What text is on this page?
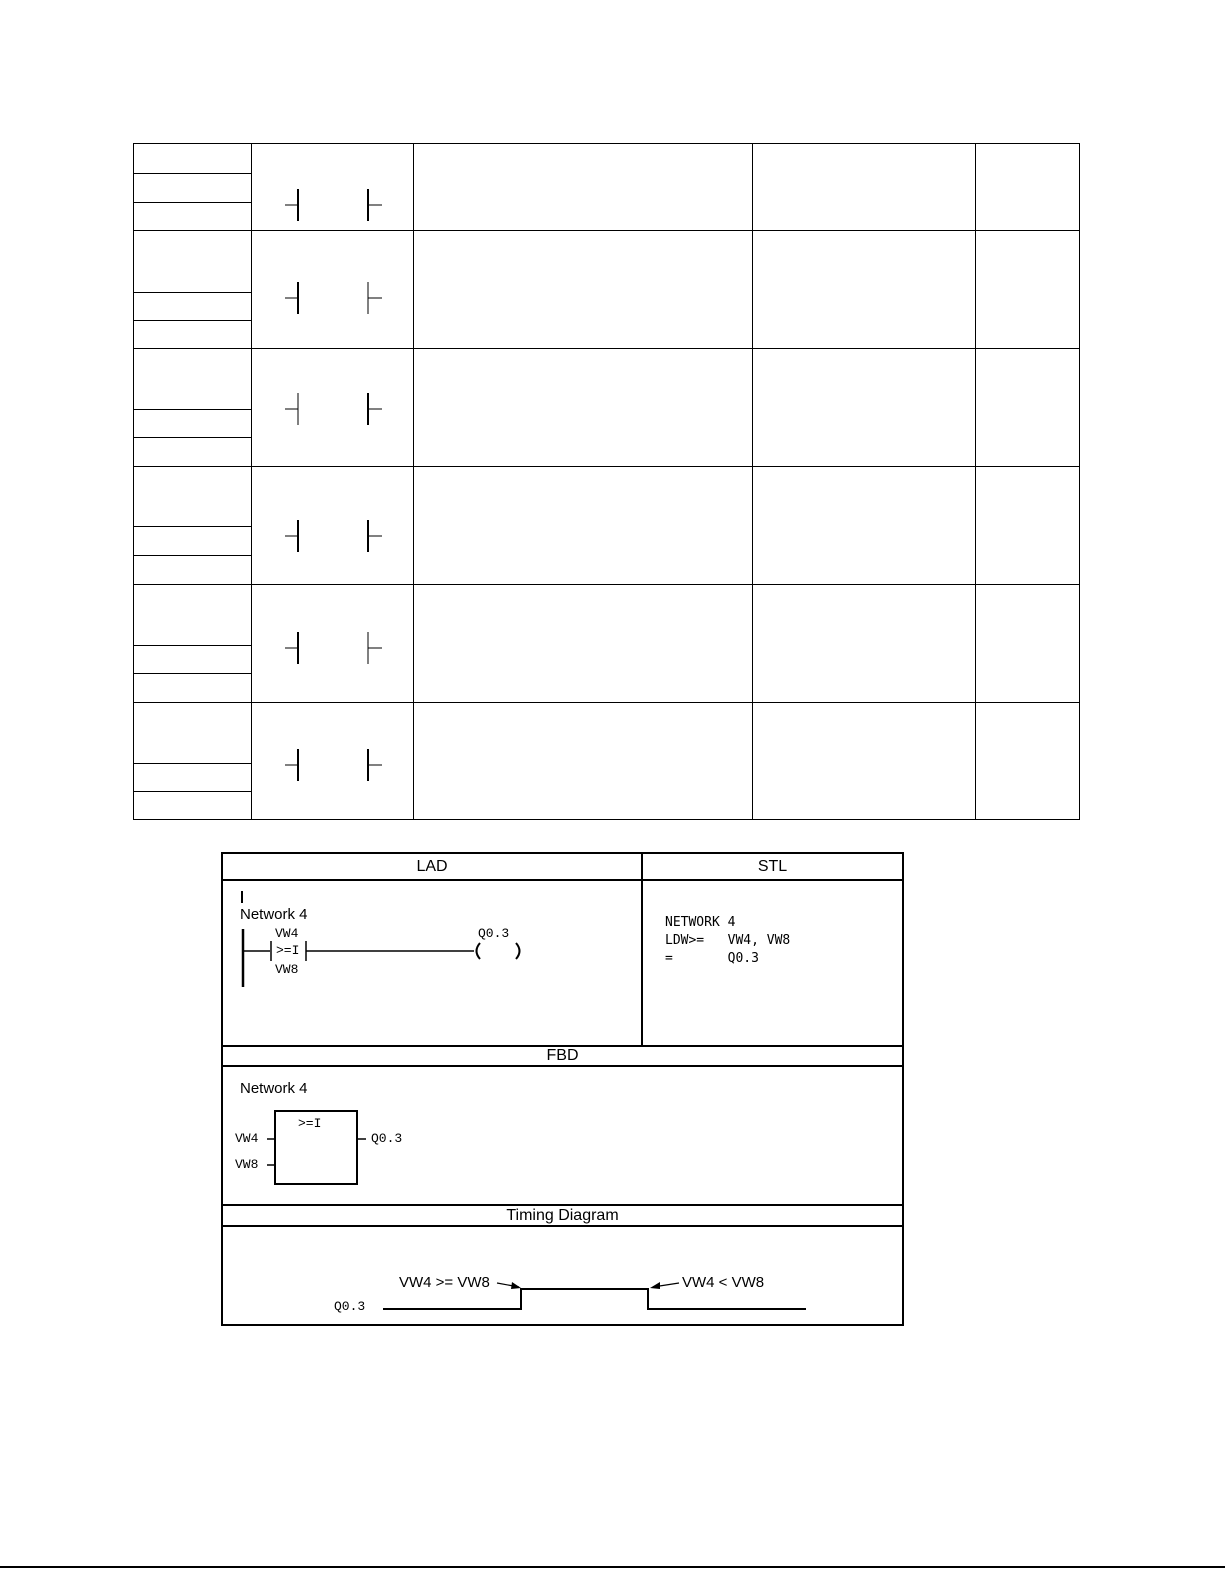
LAD	STL
Network 4
VW4
>=I
VW8
Q0.3
NETWORK 4
LDW>=   VW4, VW8
=       Q0.3
FBD
Network 4
>=I
VW4
VW8
Q0.3
Timing Diagram
Q0.3
VW4 >= VW8	VW4 < VW8
